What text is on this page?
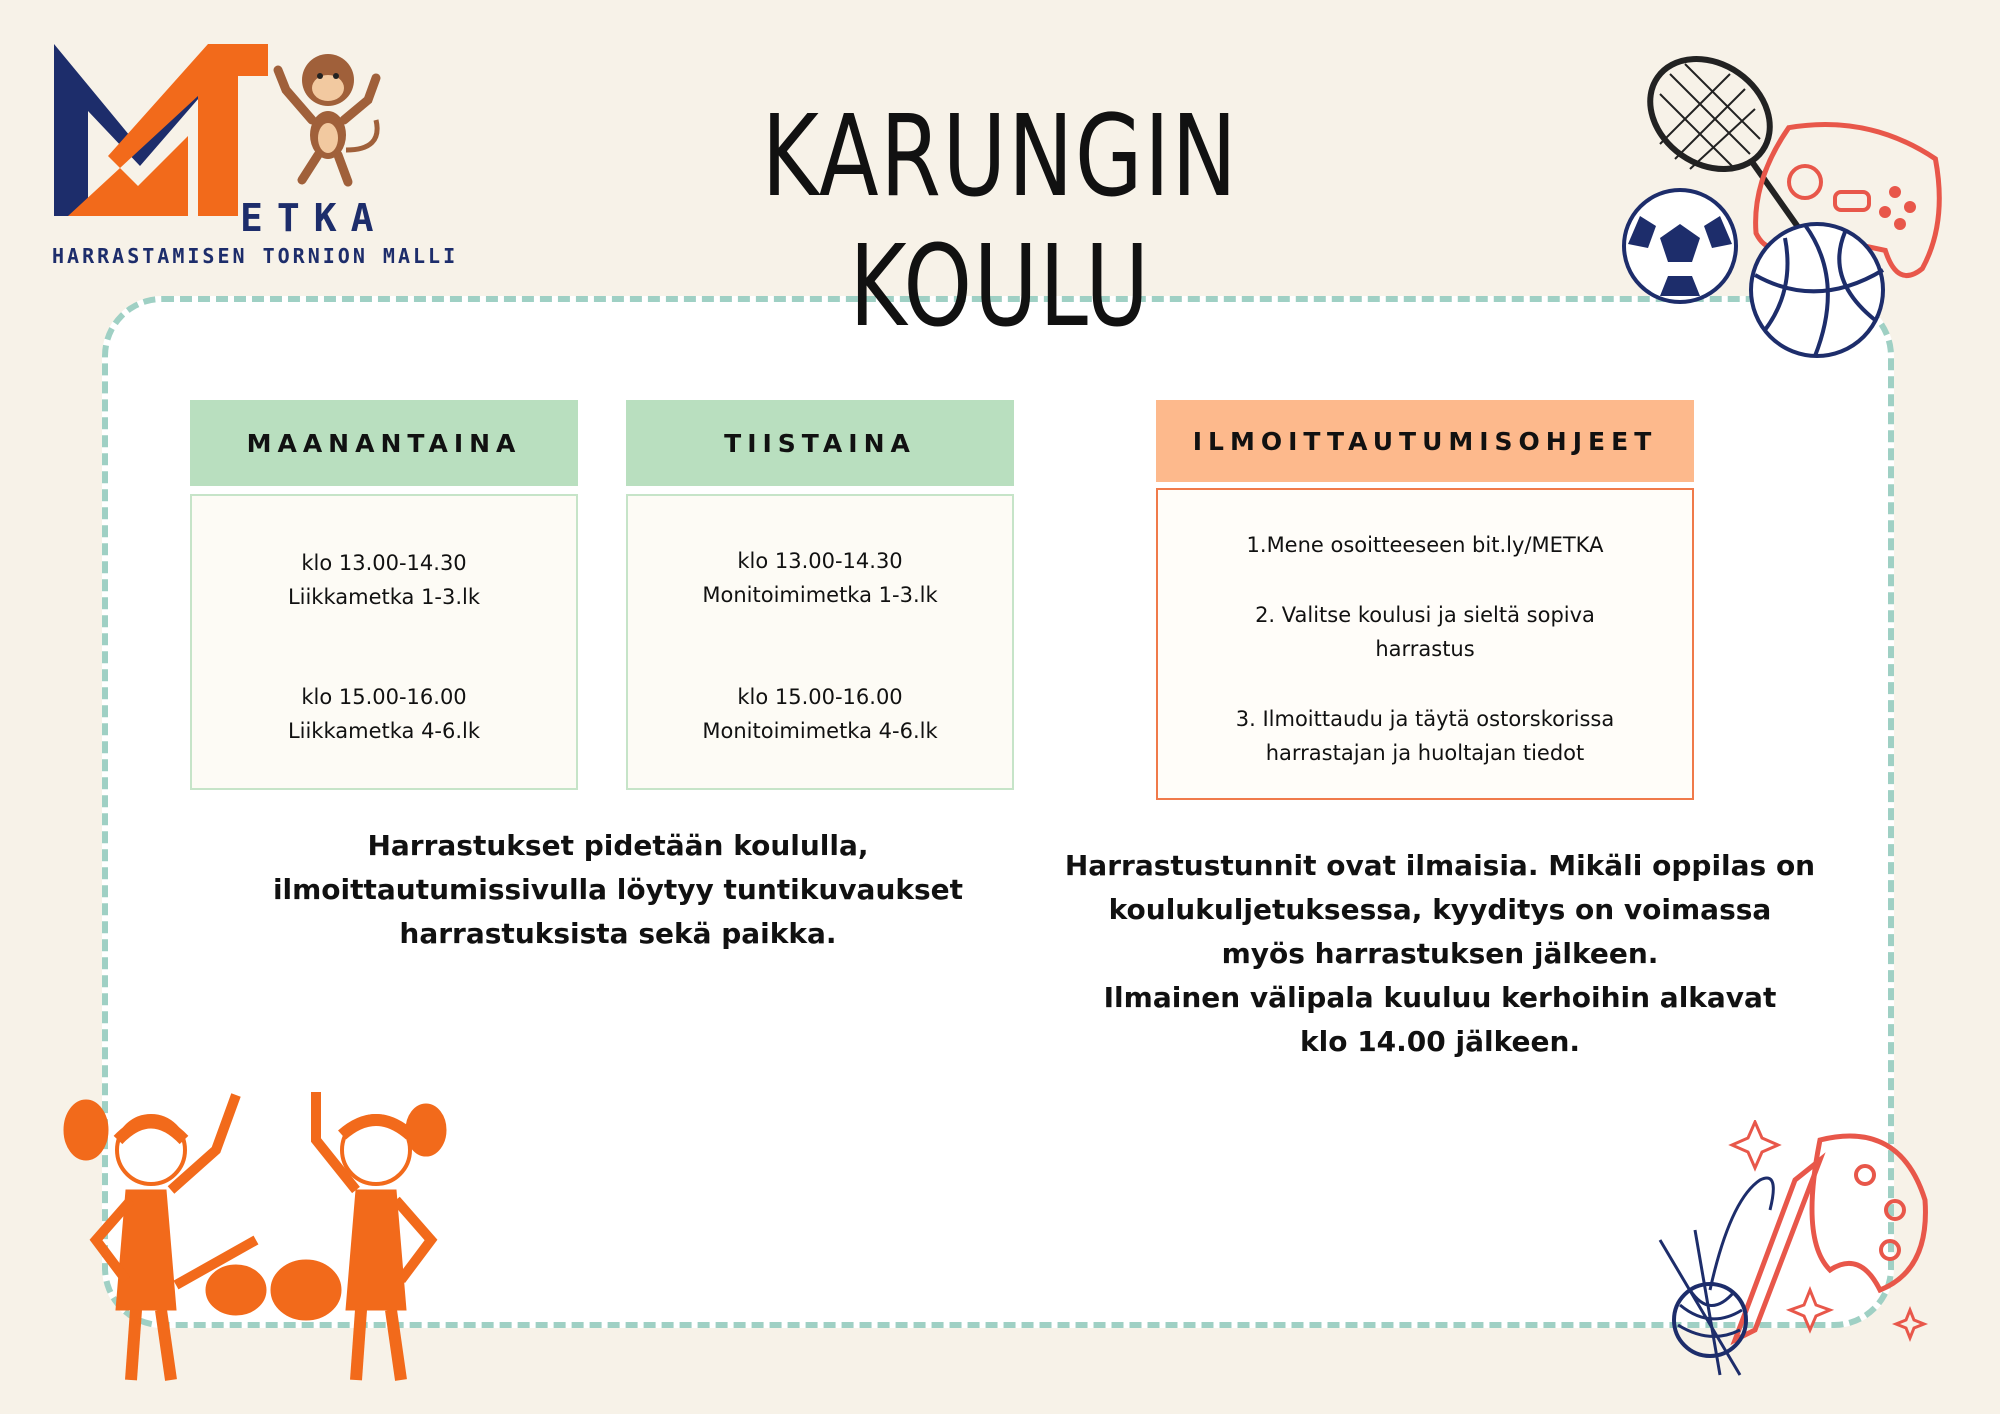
ETKA
HARRASTAMISEN TORNION MALLI
KARUNGIN KOULU
MAANANTAINA

klo 13.00-14.30

Liikkametka 1-3.lk

klo 15.00-16.00

Liikkametka 4-6.lk

TIISTAINA

klo 13.00-14.30

Monitoimimetka 1-3.lk

klo 15.00-16.00

Monitoimimetka 4-6.lk

ILMOITTAUTUMISOHJEET

1.Mene osoitteeseen bit.ly/METKA

2. Valitse koulusi ja sieltä sopiva

harrastus

3. Ilmoittaudu ja täytä ostorskorissa

harrastajan ja huoltajan tiedot

Harrastukset pidetään koululla,
ilmoittautumissivulla löytyy tuntikuvaukset
harrastuksista sekä paikka.
Harrastustunnit ovat ilmaisia. Mikäli oppilas on
koulukuljetuksessa, kyyditys on voimassa
myös harrastuksen jälkeen.
Ilmainen välipala kuuluu kerhoihin alkavat
klo 14.00 jälkeen.
